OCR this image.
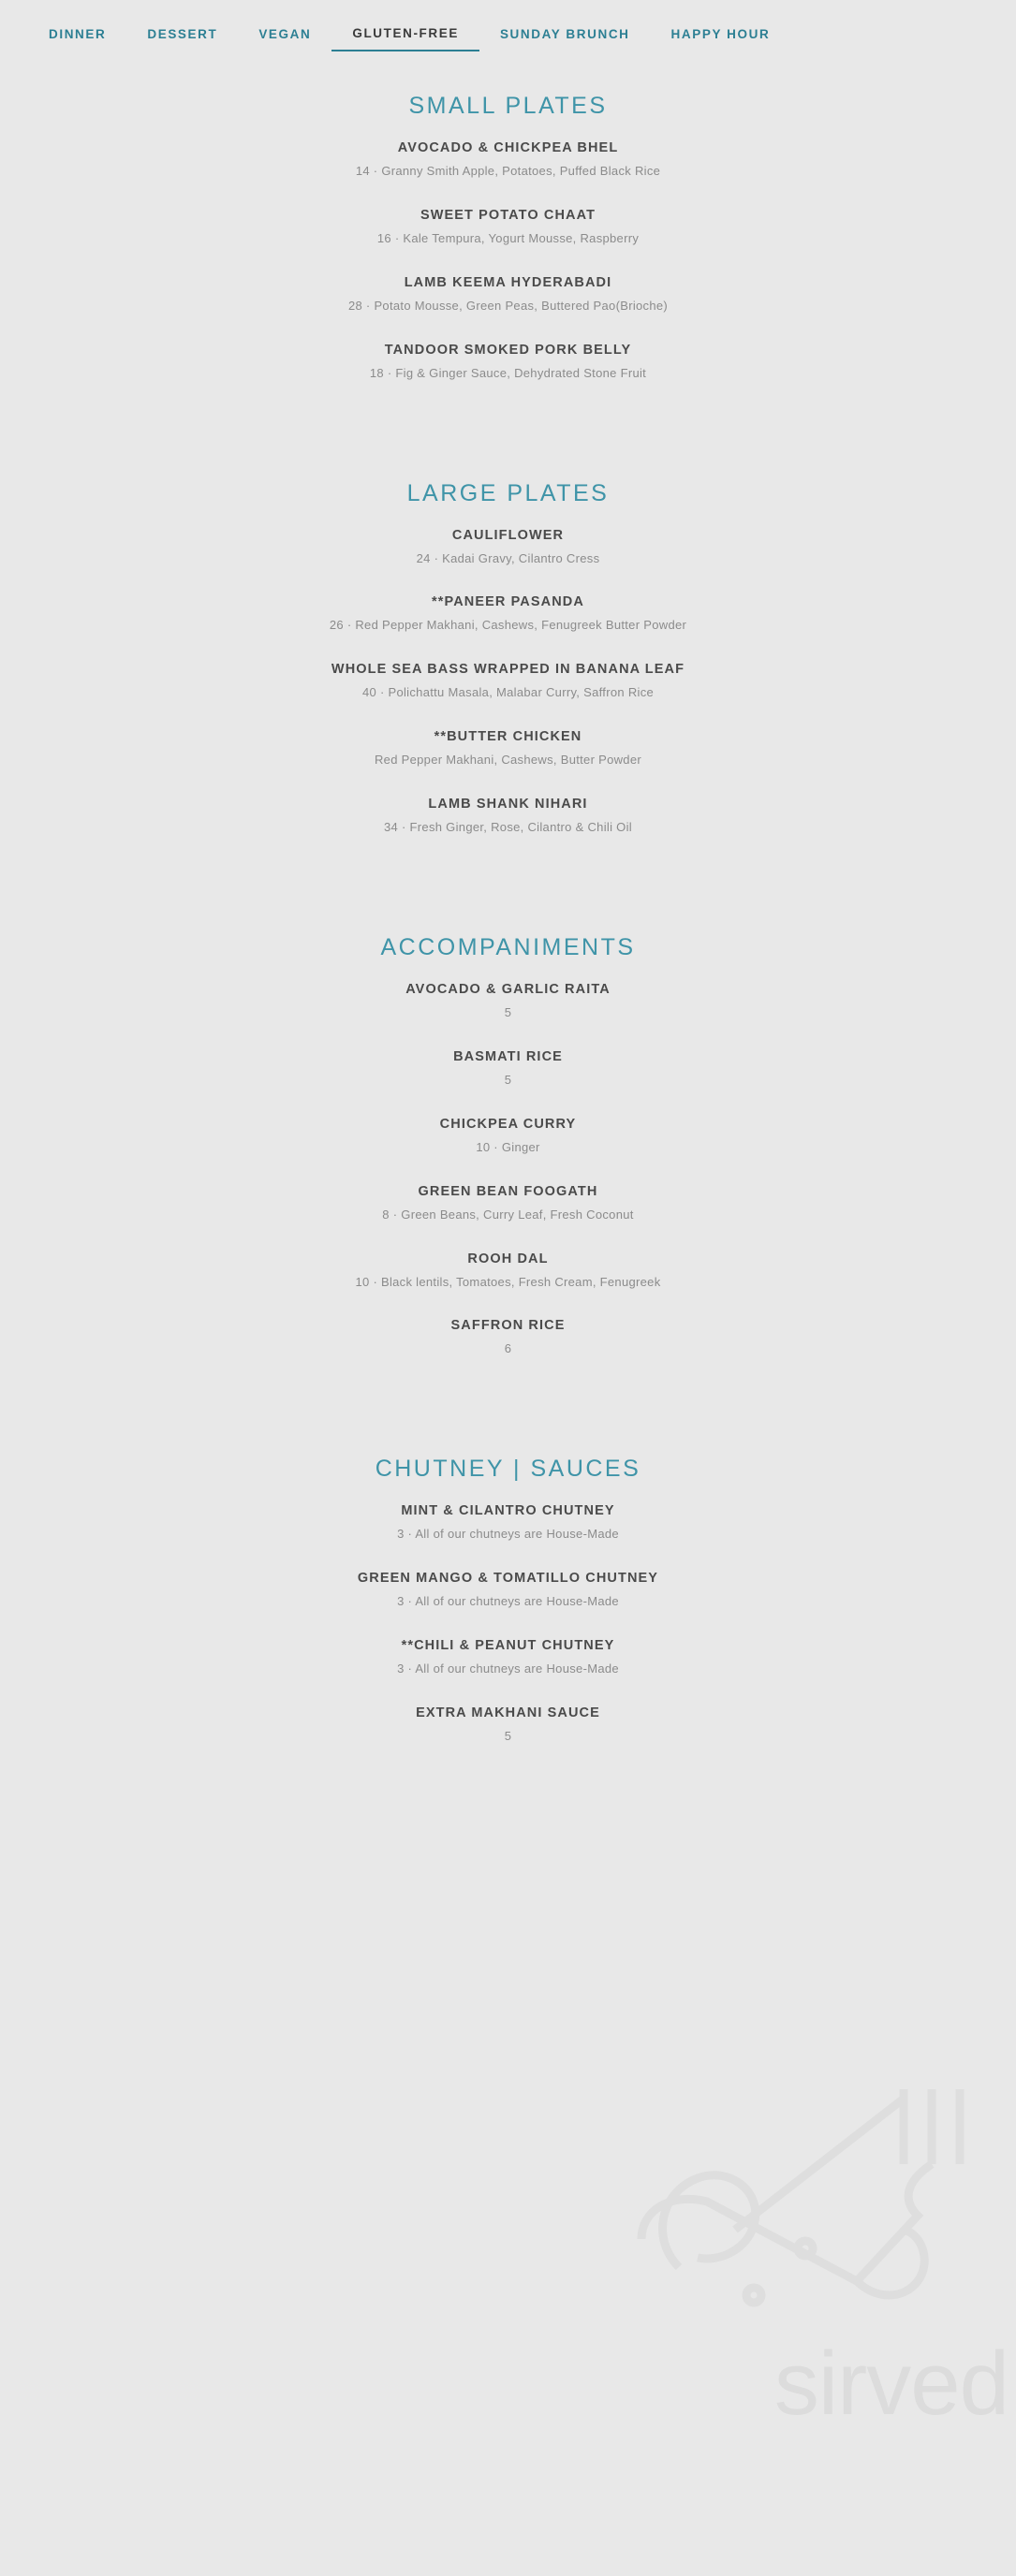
sirved
DINNER	DESSERT	VEGAN	GLUTEN-FREE	SUNDAY BRUNCH	HAPPY HOUR
SMALL PLATES
AVOCADO & CHICKPEA BHEL
14 · Granny Smith Apple, Potatoes, Puffed Black Rice
SWEET POTATO CHAAT
16 · Kale Tempura, Yogurt Mousse, Raspberry
LAMB KEEMA HYDERABADI
28 · Potato Mousse, Green Peas, Buttered Pao(Brioche)
TANDOOR SMOKED PORK BELLY
18 · Fig & Ginger Sauce, Dehydrated Stone Fruit
LARGE PLATES
CAULIFLOWER
24 · Kadai Gravy, Cilantro Cress
**PANEER PASANDA
26 · Red Pepper Makhani, Cashews, Fenugreek Butter Powder
WHOLE SEA BASS WRAPPED IN BANANA LEAF
40 · Polichattu Masala, Malabar Curry, Saffron Rice
**BUTTER CHICKEN
Red Pepper Makhani, Cashews, Butter Powder
LAMB SHANK NIHARI
34 · Fresh Ginger, Rose, Cilantro & Chili Oil
ACCOMPANIMENTS
AVOCADO & GARLIC RAITA
5
BASMATI RICE
5
CHICKPEA CURRY
10 · Ginger
GREEN BEAN FOOGATH
8 · Green Beans, Curry Leaf, Fresh Coconut
ROOH DAL
10 · Black lentils, Tomatoes, Fresh Cream, Fenugreek
SAFFRON RICE
6
CHUTNEY | SAUCES
MINT & CILANTRO CHUTNEY
3 · All of our chutneys are House-Made
GREEN MANGO & TOMATILLO CHUTNEY
3 · All of our chutneys are House-Made
**CHILI & PEANUT CHUTNEY
3 · All of our chutneys are House-Made
EXTRA MAKHANI SAUCE
5
